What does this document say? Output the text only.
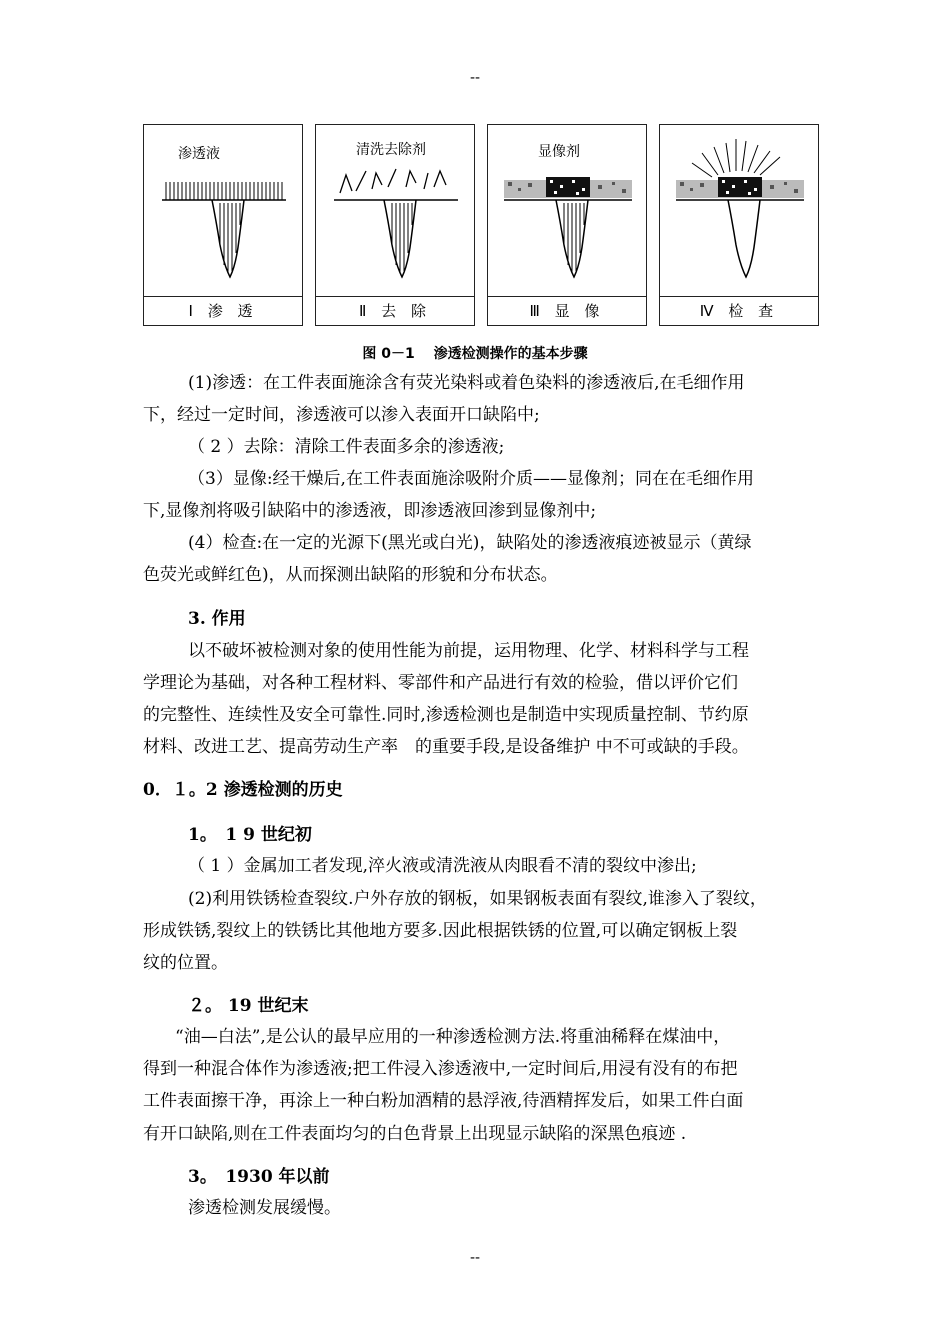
--
渗透液
Ⅰ 渗 透
清洗去除剂
Ⅱ 去 除
显像剂
Ⅲ 显 像	Ⅳ 检 查
图 0－1　 渗透检测操作的基本步骤
(1)渗透：在工件表面施涂含有荧光染料或着色染料的渗透液后,在毛细作用
下，经过一定时间，渗透液可以渗入表面开口缺陷中;
（ 2 ）去除：清除工件表面多余的渗透液;
（3）显像:经干燥后,在工件表面施涂吸附介质——显像剂；同在在毛细作用
下,显像剂将吸引缺陷中的渗透液，即渗透液回渗到显像剂中;
(4）检查:在一定的光源下(黑光或白光)，缺陷处的渗透液痕迹被显示（黄绿
色荧光或鲜红色)，从而探测出缺陷的形貌和分布状态。
3. 作用
以不破坏被检测对象的使用性能为前提，运用物理、化学、材料科学与工程
学理论为基础，对各种工程材料、零部件和产品进行有效的检验，借以评价它们
的完整性、连续性及安全可靠性.同时,渗透检测也是制造中实现质量控制、节约原
材料、改进工艺、提高劳动生产率　的重要手段,是设备维护 中不可或缺的手段。
0．１。2 渗透检测的历史
1。　1 9 世纪初
（ 1 ）金属加工者发现,淬火液或清洗液从肉眼看不清的裂纹中渗出;
(2)利用铁锈检查裂纹.户外存放的钢板，如果钢板表面有裂纹,谁渗入了裂纹，
形成铁锈,裂纹上的铁锈比其他地方要多.因此根据铁锈的位置,可以确定钢板上裂
纹的位置。
２。 19 世纪末
“油—白法”,是公认的最早应用的一种渗透检测方法.将重油稀释在煤油中，
得到一种混合体作为渗透液;把工件浸入渗透液中,一定时间后,用浸有没有的布把
工件表面擦干净，再涂上一种白粉加酒精的悬浮液,待酒精挥发后，如果工件白面
有开口缺陷,则在工件表面均匀的白色背景上出现显示缺陷的深黑色痕迹 .
3。　1930 年以前
渗透检测发展缓慢。
--
